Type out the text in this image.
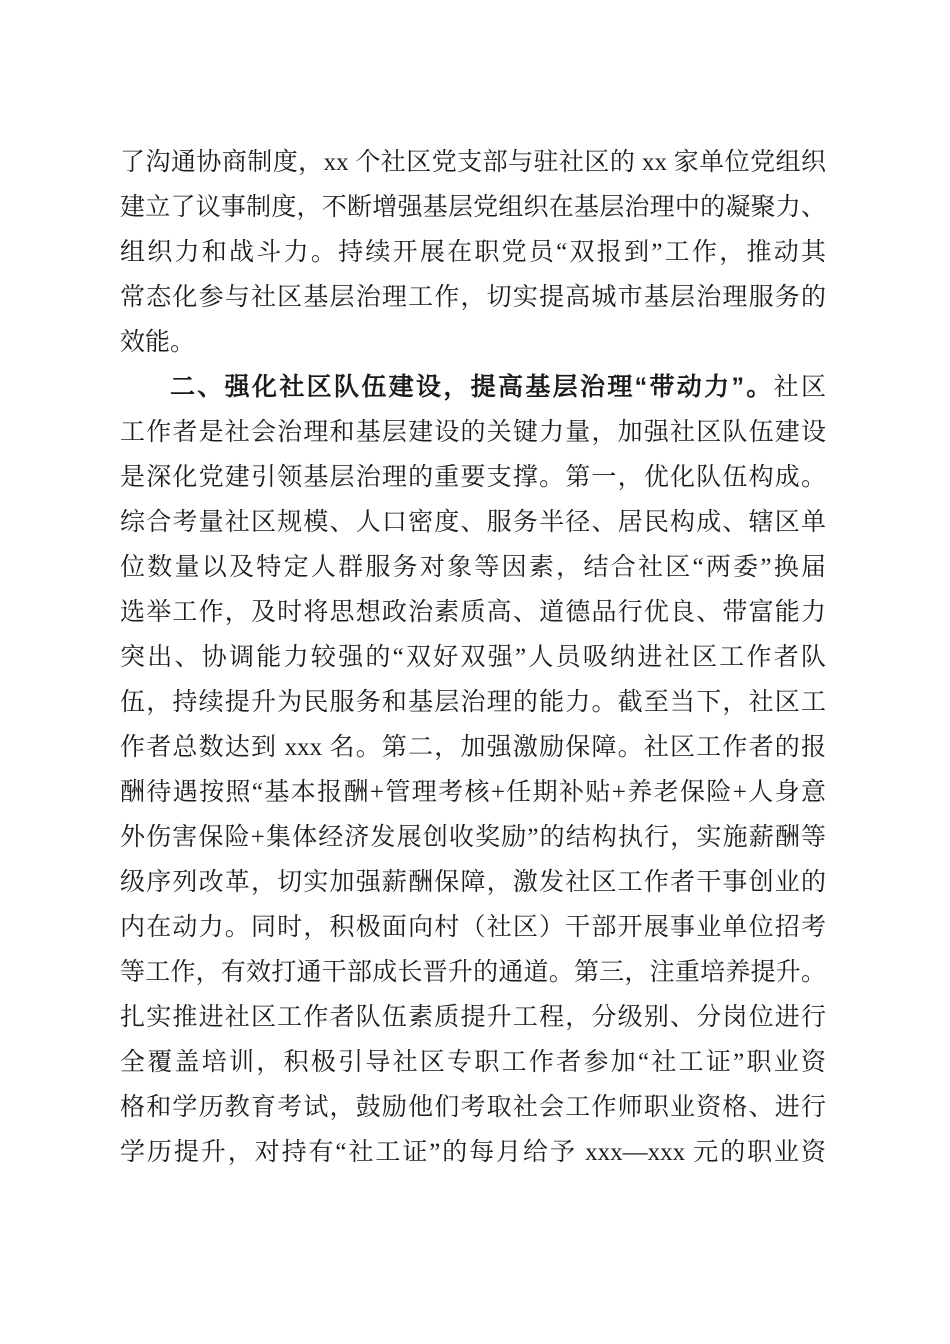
了沟通协商制度，xx 个社区党支部与驻社区的 xx 家单位党组织
建立了议事制度，不断增强基层党组织在基层治理中的凝聚力、
组织力和战斗力。持续开展在职党员“双报到”工作，推动其
常态化参与社区基层治理工作，切实提高城市基层治理服务的
效能。
二、强化社区队伍建设，提高基层治理“带动力”。社区
工作者是社会治理和基层建设的关键力量，加强社区队伍建设
是深化党建引领基层治理的重要支撑。第一，优化队伍构成。
综合考量社区规模、人口密度、服务半径、居民构成、辖区单
位数量以及特定人群服务对象等因素，结合社区“两委”换届
选举工作，及时将思想政治素质高、道德品行优良、带富能力
突出、协调能力较强的“双好双强”人员吸纳进社区工作者队
伍，持续提升为民服务和基层治理的能力。截至当下，社区工
作者总数达到 xxx 名。第二，加强激励保障。社区工作者的报
酬待遇按照“基本报酬+管理考核+任期补贴+养老保险+人身意
外伤害保险+集体经济发展创收奖励”的结构执行，实施薪酬等
级序列改革，切实加强薪酬保障，激发社区工作者干事创业的
内在动力。同时，积极面向村（社区）干部开展事业单位招考
等工作，有效打通干部成长晋升的通道。第三，注重培养提升。
扎实推进社区工作者队伍素质提升工程，分级别、分岗位进行
全覆盖培训，积极引导社区专职工作者参加“社工证”职业资
格和学历教育考试，鼓励他们考取社会工作师职业资格、进行
学历提升，对持有“社工证”的每月给予 xxx—xxx 元的职业资
